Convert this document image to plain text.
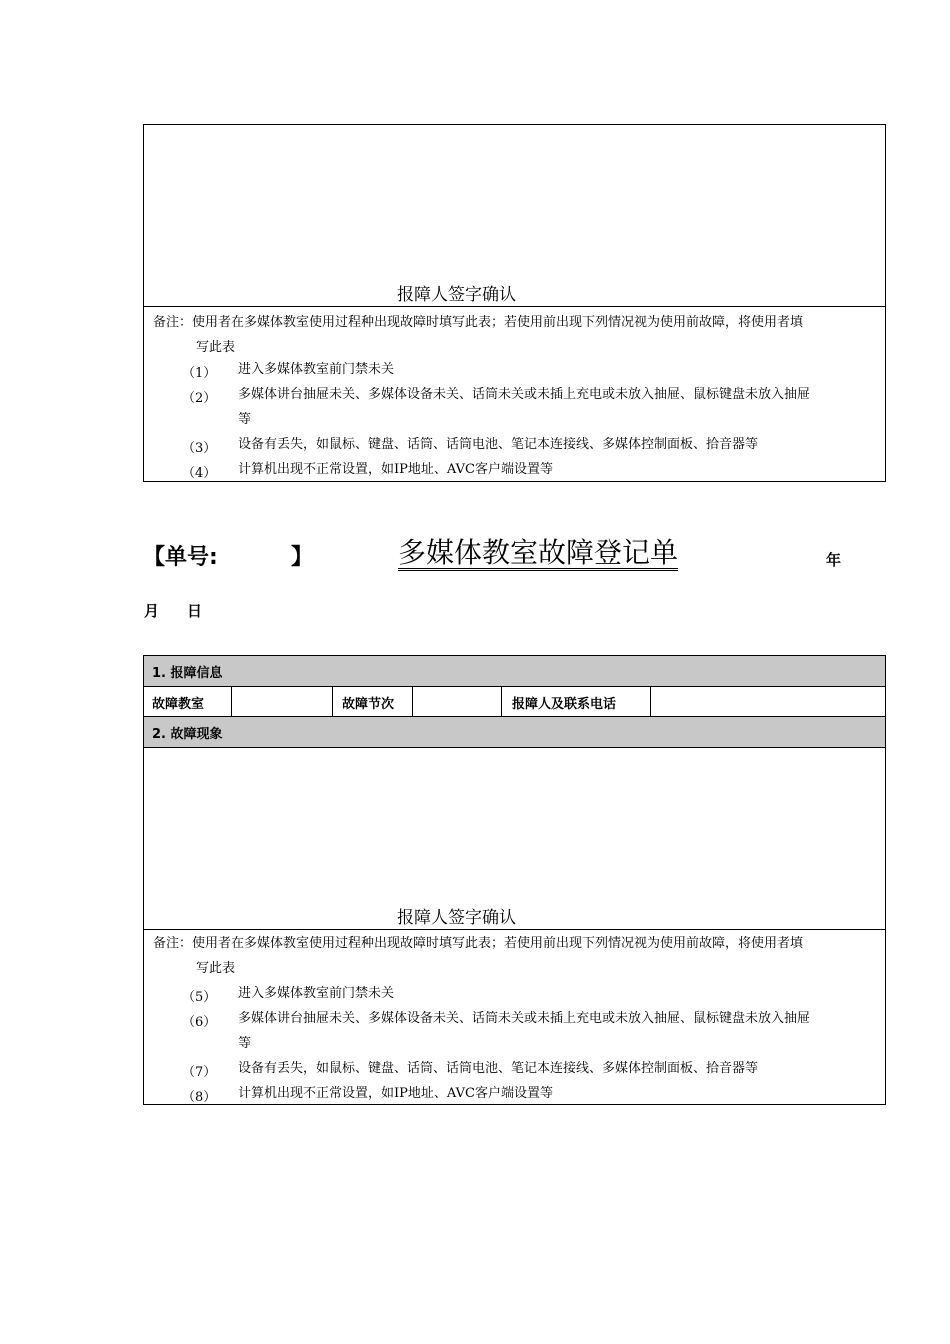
报障人签字确认
备注：使用者在多媒体教室使用过程种出现故障时填写此表；若使用前出现下列情况视为使用前故障，将使用者填
写此表
（1） 进入多媒体教室前门禁未关
（2） 多媒体讲台抽屉未关、多媒体设备未关、话筒未关或未插上充电或未放入抽屉、鼠标键盘未放入抽屉
等
（3） 设备有丢失，如鼠标、键盘、话筒、话筒电池、笔记本连接线、多媒体控制面板、拾音器等
（4） 计算机出现不正常设置，如IP地址、AVC客户端设置等
【单号:	】	多媒体教室故障登记单	年
月 日
1. 报障信息
故障教室	故障节次	报障人及联系电话
2. 故障现象
报障人签字确认
备注：使用者在多媒体教室使用过程种出现故障时填写此表；若使用前出现下列情况视为使用前故障，将使用者填
写此表
（5） 进入多媒体教室前门禁未关
（6） 多媒体讲台抽屉未关、多媒体设备未关、话筒未关或未插上充电或未放入抽屉、鼠标键盘未放入抽屉
等
（7） 设备有丢失，如鼠标、键盘、话筒、话筒电池、笔记本连接线、多媒体控制面板、拾音器等
（8） 计算机出现不正常设置，如IP地址、AVC客户端设置等
